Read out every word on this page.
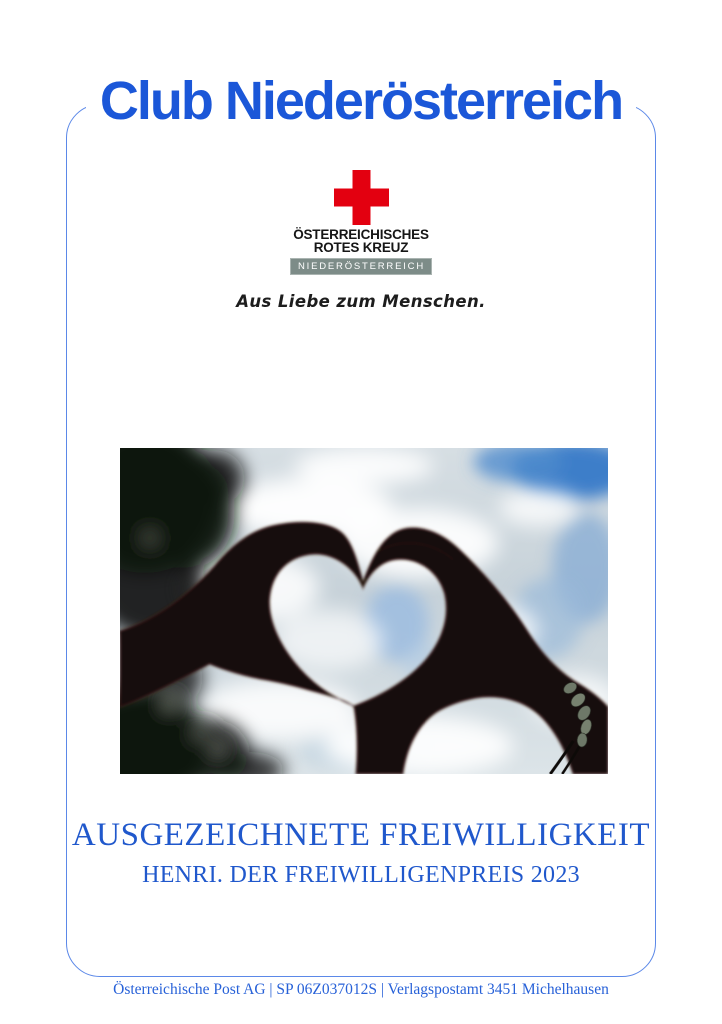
Club Niederösterreich
ÖSTERREICHISCHES
ROTES KREUZ
NIEDERÖSTERREICH
Aus Liebe zum Menschen.
AUSGEZEICHNETE FREIWILLIGKEIT
HENRI. DER FREIWILLIGENPREIS 2023
Österreichische Post AG | SP 06Z037012S | Verlagspostamt 3451 Michelhausen
